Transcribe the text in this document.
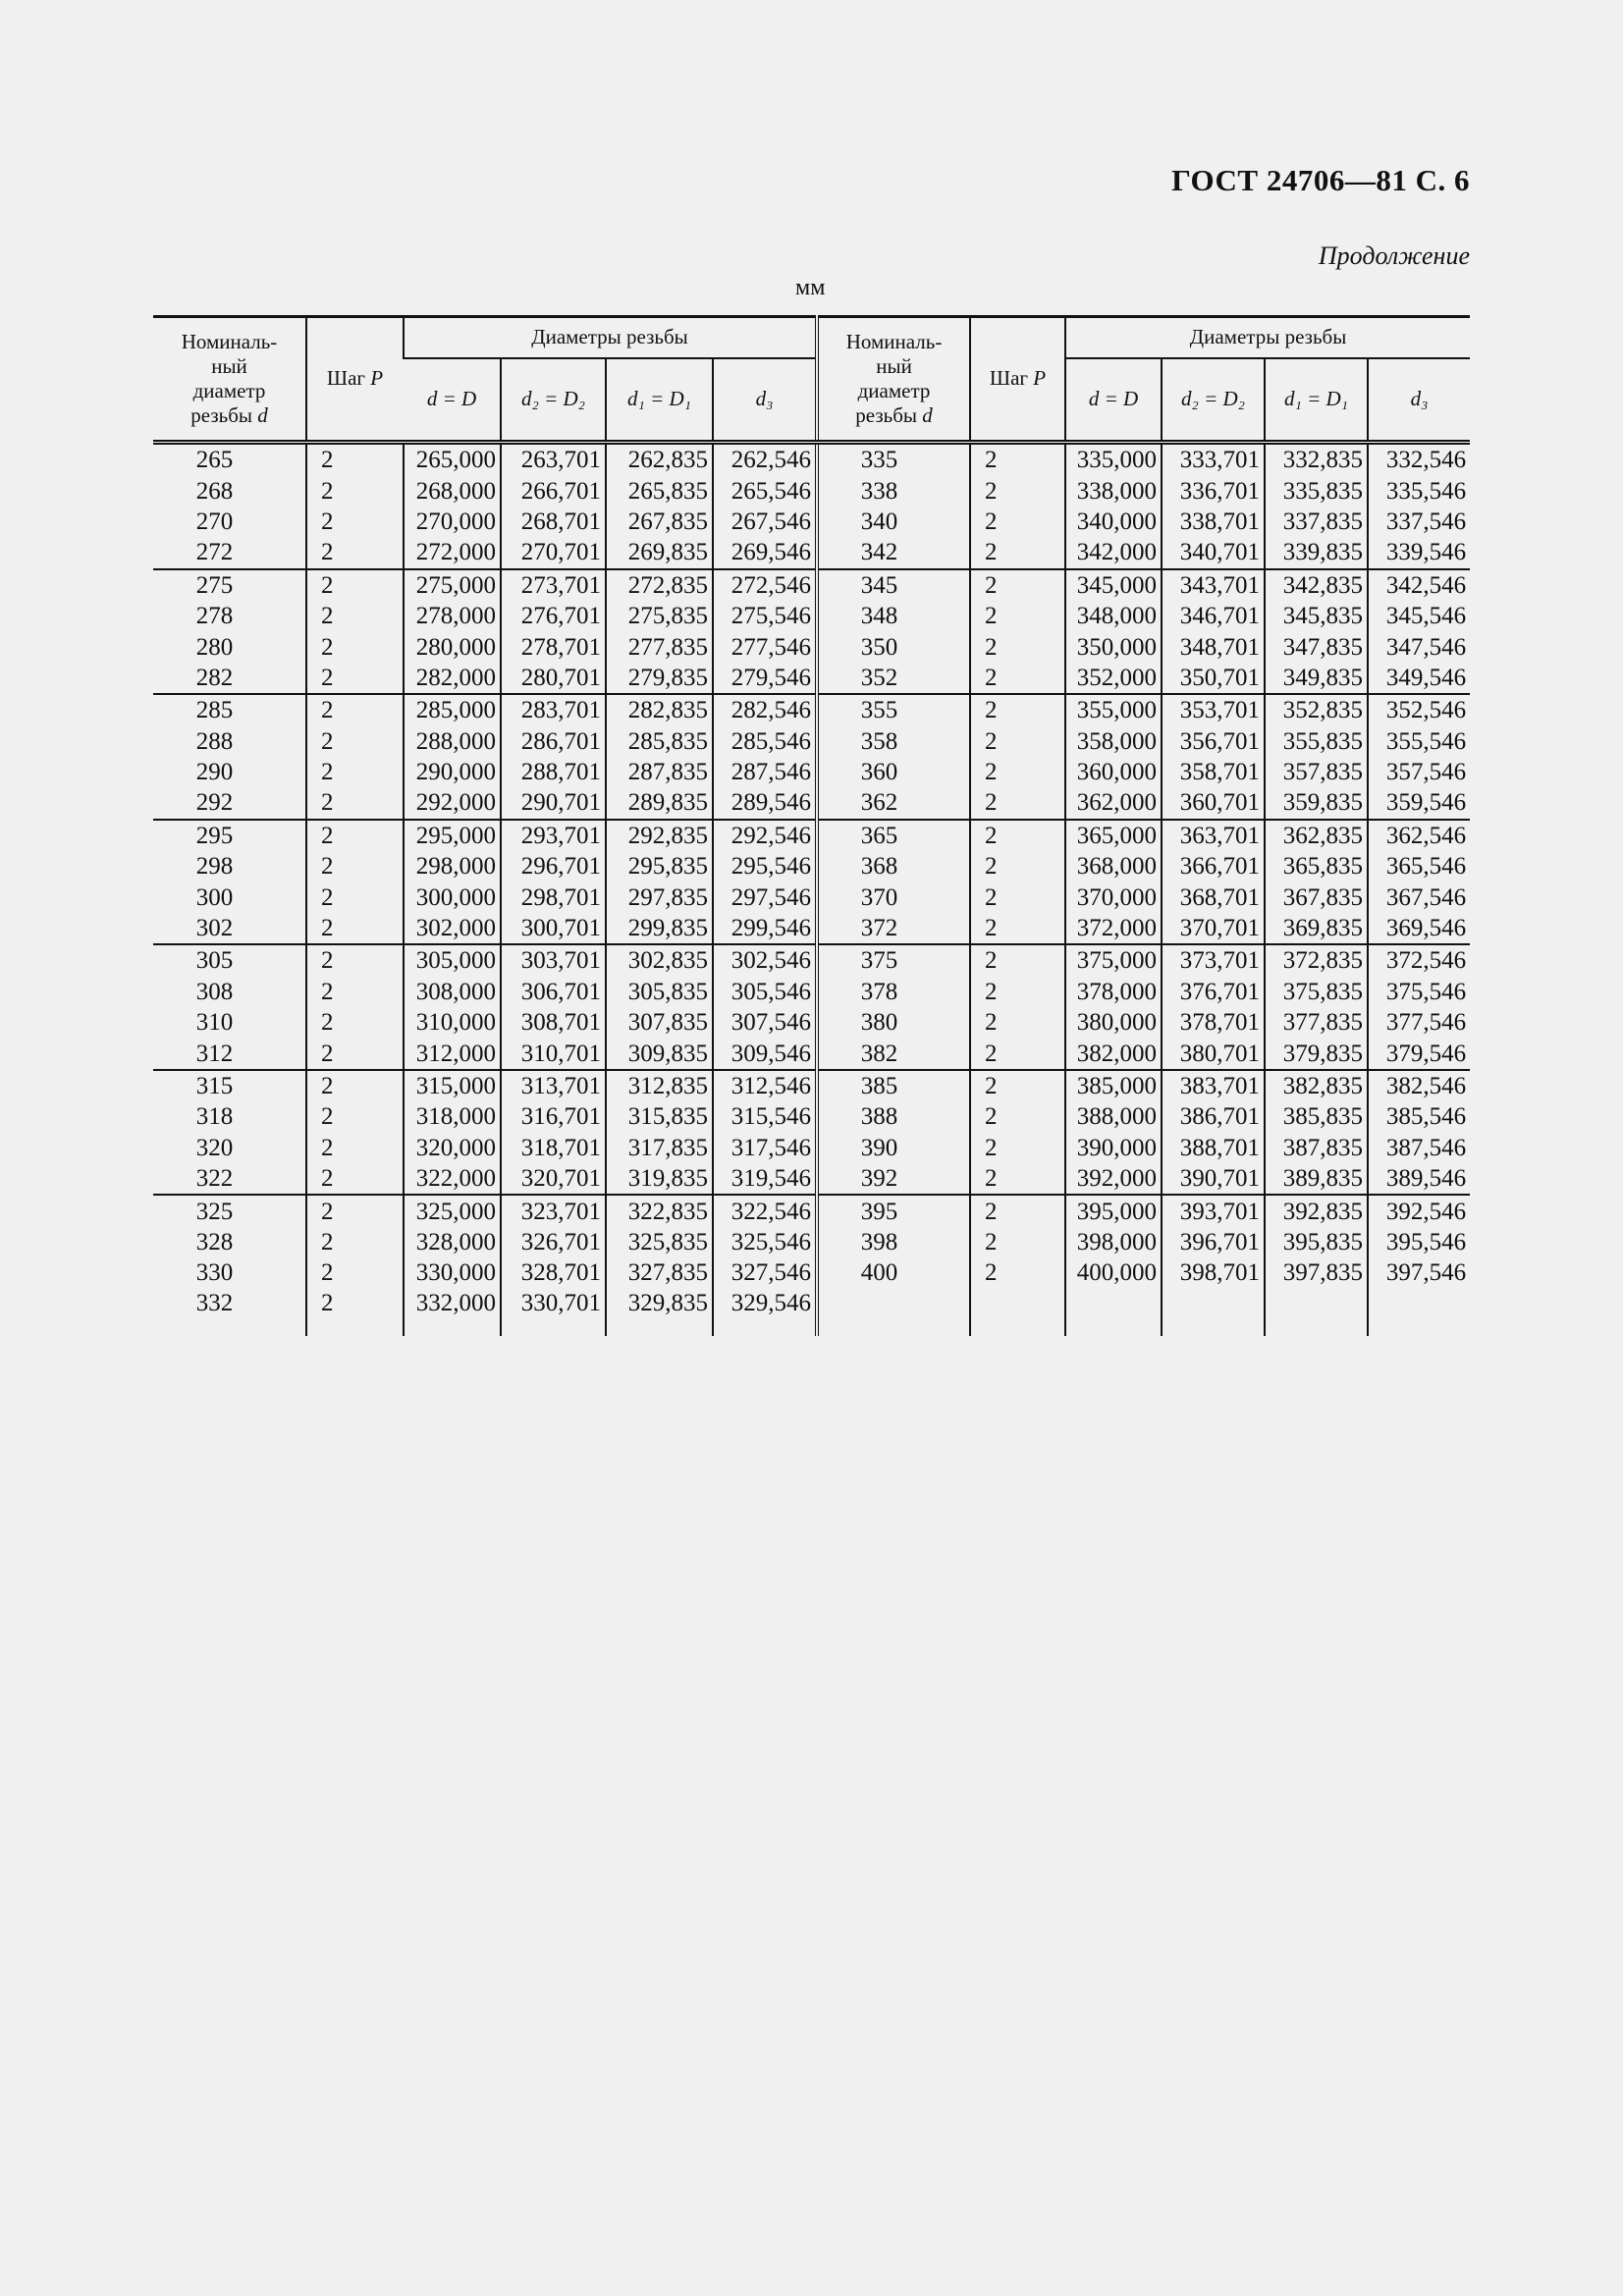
ГОСТ 24706—81 С. 6
Продолжение
мм
Номиналь-
ный
диаметр
резьбы d	Шаг P	Диаметры резьбы				Номиналь-
ный
диаметр
резьбы d	Шаг P	Диаметры резьбы			
		d = D	d₂ = D₂	d₁ = D₁	d₃			d = D	d₂ = D₂	d₁ = D₁	d₃
265	2	265,000	263,701	262,835	262,546	335	2	335,000	333,701	332,835	332,546
268	2	268,000	266,701	265,835	265,546	338	2	338,000	336,701	335,835	335,546
270	2	270,000	268,701	267,835	267,546	340	2	340,000	338,701	337,835	337,546
272	2	272,000	270,701	269,835	269,546	342	2	342,000	340,701	339,835	339,546
275	2	275,000	273,701	272,835	272,546	345	2	345,000	343,701	342,835	342,546
278	2	278,000	276,701	275,835	275,546	348	2	348,000	346,701	345,835	345,546
280	2	280,000	278,701	277,835	277,546	350	2	350,000	348,701	347,835	347,546
282	2	282,000	280,701	279,835	279,546	352	2	352,000	350,701	349,835	349,546
285	2	285,000	283,701	282,835	282,546	355	2	355,000	353,701	352,835	352,546
288	2	288,000	286,701	285,835	285,546	358	2	358,000	356,701	355,835	355,546
290	2	290,000	288,701	287,835	287,546	360	2	360,000	358,701	357,835	357,546
292	2	292,000	290,701	289,835	289,546	362	2	362,000	360,701	359,835	359,546
295	2	295,000	293,701	292,835	292,546	365	2	365,000	363,701	362,835	362,546
298	2	298,000	296,701	295,835	295,546	368	2	368,000	366,701	365,835	365,546
300	2	300,000	298,701	297,835	297,546	370	2	370,000	368,701	367,835	367,546
302	2	302,000	300,701	299,835	299,546	372	2	372,000	370,701	369,835	369,546
305	2	305,000	303,701	302,835	302,546	375	2	375,000	373,701	372,835	372,546
308	2	308,000	306,701	305,835	305,546	378	2	378,000	376,701	375,835	375,546
310	2	310,000	308,701	307,835	307,546	380	2	380,000	378,701	377,835	377,546
312	2	312,000	310,701	309,835	309,546	382	2	382,000	380,701	379,835	379,546
315	2	315,000	313,701	312,835	312,546	385	2	385,000	383,701	382,835	382,546
318	2	318,000	316,701	315,835	315,546	388	2	388,000	386,701	385,835	385,546
320	2	320,000	318,701	317,835	317,546	390	2	390,000	388,701	387,835	387,546
322	2	322,000	320,701	319,835	319,546	392	2	392,000	390,701	389,835	389,546
325	2	325,000	323,701	322,835	322,546	395	2	395,000	393,701	392,835	392,546
328	2	328,000	326,701	325,835	325,546	398	2	398,000	396,701	395,835	395,546
330	2	330,000	328,701	327,835	327,546	400	2	400,000	398,701	397,835	397,546
332	2	332,000	330,701	329,835	329,546						
